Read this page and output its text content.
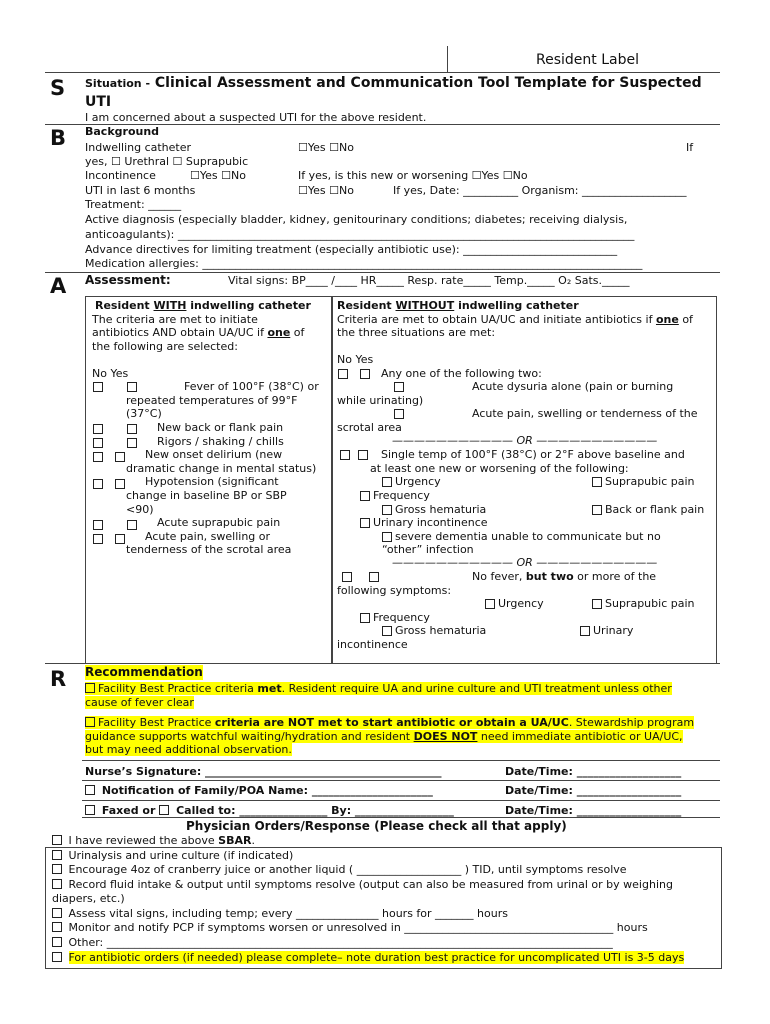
Resident Label
S Situation - Clinical Assessment and Communication Tool Template for Suspected
UTI
I am concerned about a suspected UTI for the above resident.
B Background
Indwelling catheter	☐Yes ☐No	If
yes, ☐ Urethral ☐ Suprapubic
Incontinence	☐Yes ☐No	If yes, is this new or worsening ☐Yes ☐No
UTI in last 6 months	☐Yes ☐No	If yes, Date: __________ Organism: ___________________
Treatment: ______
Active diagnosis (especially bladder, kidney, genitourinary conditions; diabetes; receiving dialysis,
anticoagulants): ___________________________________________________________________________________
Advance directives for limiting treatment (especially antibiotic use): ____________________________
Medication allergies: ________________________________________________________________________________
A Assessment:	Vital signs: BP____ /____ HR_____ Resp. rate_____ Temp._____ O₂ Sats._____
Resident WITH indwelling catheter
The criteria are met to initiate
antibiotics AND obtain UA/UC if one of
the following are selected:
No Yes
Fever of 100°F (38°C) or
repeated temperatures of 99°F
(37°C)
New back or flank pain
Rigors / shaking / chills
New onset delirium (new
dramatic change in mental status)
Hypotension (significant
change in baseline BP or SBP
<90)
Acute suprapubic pain
Acute pain, swelling or
tenderness of the scrotal area
Resident WITHOUT indwelling catheter
Criteria are met to obtain UA/UC and initiate antibiotics if one of
the three situations are met:
No Yes
Any one of the following two:
Acute dysuria alone (pain or burning
while urinating)
Acute pain, swelling or tenderness of the
scrotal area
——————————— OR ———————————
Single temp of 100°F (38°C) or 2°F above baseline and
at least one new or worsening of the following:
Urgency	Suprapubic pain
Frequency
Gross hematuria	Back or flank pain
Urinary incontinence
severe dementia unable to communicate but no
“other” infection
——————————— OR ———————————
No fever, but two or more of the
following symptoms:
Urgency	Suprapubic pain
Frequency
Gross hematuria	Urinary
incontinence
R Recommendation
Facility Best Practice criteria met. Resident require UA and urine culture and UTI treatment unless other
cause of fever clear
Facility Best Practice criteria are NOT met to start antibiotic or obtain a UA/UC. Stewardship program
guidance supports watchful waiting/hydration and resident DOES NOT need immediate antibiotic or UA/UC,
but may need additional observation.
Nurse’s Signature: ___________________________________________	Date/Time: ___________________
Notification of Family/POA Name: ______________________	Date/Time: ___________________
Faxed or Called to: ________________ By: __________________	Date/Time: ___________________
Physician Orders/Response (Please check all that apply)
I have reviewed the above SBAR.
Urinalysis and urine culture (if indicated)
Encourage 4oz of cranberry juice or another liquid ( ___________________ ) TID, until symptoms resolve
Record fluid intake & output until symptoms resolve (output can also be measured from urinal or by weighing
diapers, etc.)
Assess vital signs, including temp; every _______________ hours for _______ hours
Monitor and notify PCP if symptoms worsen or unresolved in ______________________________________ hours
Other: ____________________________________________________________________________________________
For antibiotic orders (if needed) please complete– note duration best practice for uncomplicated UTI is 3-5 days
